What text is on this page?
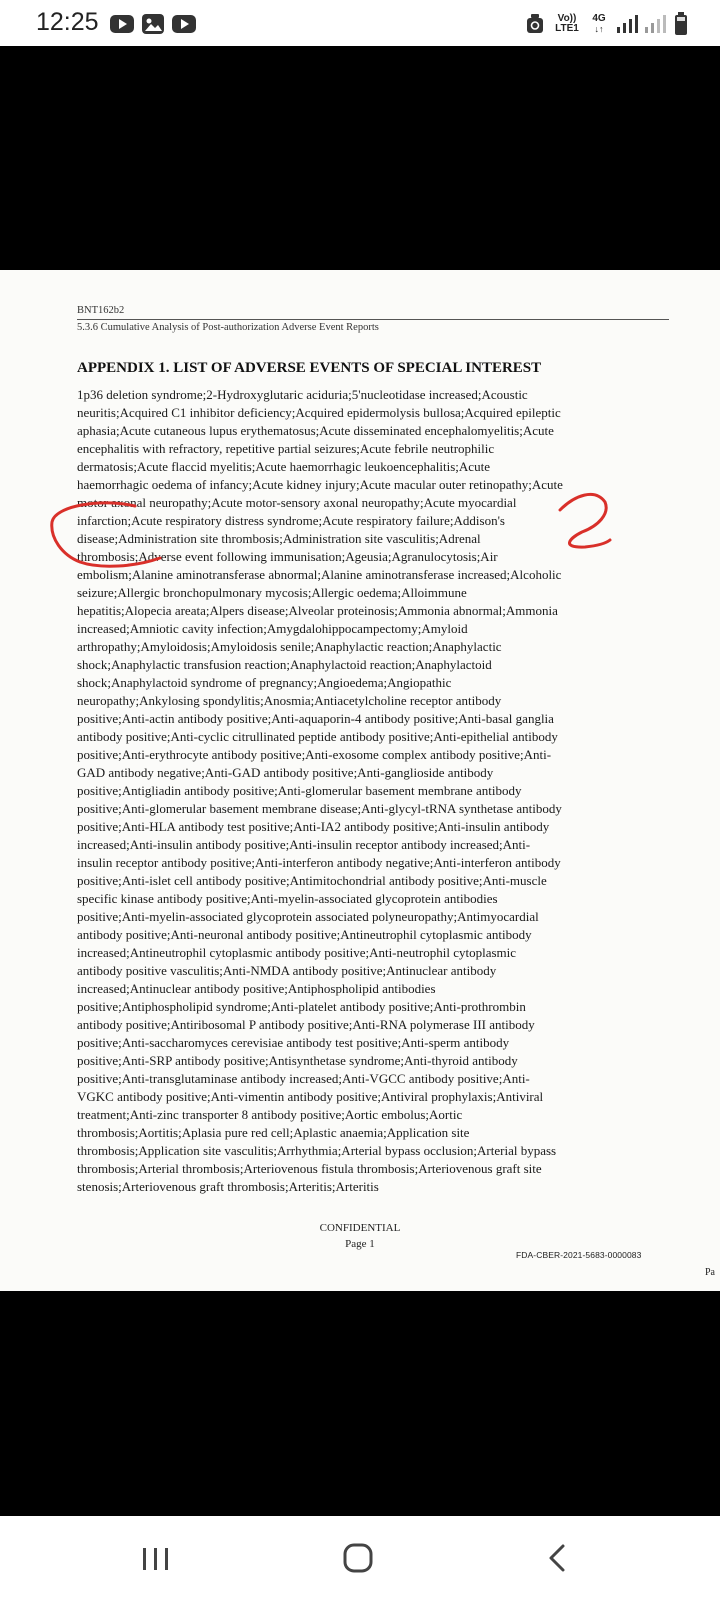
12:25	Vo))
LTE1
4G
↓↑
BNT162b2
5.3.6 Cumulative Analysis of Post-authorization Adverse Event Reports
APPENDIX 1. LIST OF ADVERSE EVENTS OF SPECIAL INTEREST
1p36 deletion syndrome;2-Hydroxyglutaric aciduria;5'nucleotidase increased;Acoustic
neuritis;Acquired C1 inhibitor deficiency;Acquired epidermolysis bullosa;Acquired epileptic
aphasia;Acute cutaneous lupus erythematosus;Acute disseminated encephalomyelitis;Acute
encephalitis with refractory, repetitive partial seizures;Acute febrile neutrophilic
dermatosis;Acute flaccid myelitis;Acute haemorrhagic leukoencephalitis;Acute
haemorrhagic oedema of infancy;Acute kidney injury;Acute macular outer retinopathy;Acute
motor axonal neuropathy;Acute motor-sensory axonal neuropathy;Acute myocardial
infarction;Acute respiratory distress syndrome;Acute respiratory failure;Addison's
disease;Administration site thrombosis;Administration site vasculitis;Adrenal
thrombosis;Adverse event following immunisation;Ageusia;Agranulocytosis;Air
embolism;Alanine aminotransferase abnormal;Alanine aminotransferase increased;Alcoholic
seizure;Allergic bronchopulmonary mycosis;Allergic oedema;Alloimmune
hepatitis;Alopecia areata;Alpers disease;Alveolar proteinosis;Ammonia abnormal;Ammonia
increased;Amniotic cavity infection;Amygdalohippocampectomy;Amyloid
arthropathy;Amyloidosis;Amyloidosis senile;Anaphylactic reaction;Anaphylactic
shock;Anaphylactic transfusion reaction;Anaphylactoid reaction;Anaphylactoid
shock;Anaphylactoid syndrome of pregnancy;Angioedema;Angiopathic
neuropathy;Ankylosing spondylitis;Anosmia;Antiacetylcholine receptor antibody
positive;Anti-actin antibody positive;Anti-aquaporin-4 antibody positive;Anti-basal ganglia
antibody positive;Anti-cyclic citrullinated peptide antibody positive;Anti-epithelial antibody
positive;Anti-erythrocyte antibody positive;Anti-exosome complex antibody positive;Anti-
GAD antibody negative;Anti-GAD antibody positive;Anti-ganglioside antibody
positive;Antigliadin antibody positive;Anti-glomerular basement membrane antibody
positive;Anti-glomerular basement membrane disease;Anti-glycyl-tRNA synthetase antibody
positive;Anti-HLA antibody test positive;Anti-IA2 antibody positive;Anti-insulin antibody
increased;Anti-insulin antibody positive;Anti-insulin receptor antibody increased;Anti-
insulin receptor antibody positive;Anti-interferon antibody negative;Anti-interferon antibody
positive;Anti-islet cell antibody positive;Antimitochondrial antibody positive;Anti-muscle
specific kinase antibody positive;Anti-myelin-associated glycoprotein antibodies
positive;Anti-myelin-associated glycoprotein associated polyneuropathy;Antimyocardial
antibody positive;Anti-neuronal antibody positive;Antineutrophil cytoplasmic antibody
increased;Antineutrophil cytoplasmic antibody positive;Anti-neutrophil cytoplasmic
antibody positive vasculitis;Anti-NMDA antibody positive;Antinuclear antibody
increased;Antinuclear antibody positive;Antiphospholipid antibodies
positive;Antiphospholipid syndrome;Anti-platelet antibody positive;Anti-prothrombin
antibody positive;Antiribosomal P antibody positive;Anti-RNA polymerase III antibody
positive;Anti-saccharomyces cerevisiae antibody test positive;Anti-sperm antibody
positive;Anti-SRP antibody positive;Antisynthetase syndrome;Anti-thyroid antibody
positive;Anti-transglutaminase antibody increased;Anti-VGCC antibody positive;Anti-
VGKC antibody positive;Anti-vimentin antibody positive;Antiviral prophylaxis;Antiviral
treatment;Anti-zinc transporter 8 antibody positive;Aortic embolus;Aortic
thrombosis;Aortitis;Aplasia pure red cell;Aplastic anaemia;Application site
thrombosis;Application site vasculitis;Arrhythmia;Arterial bypass occlusion;Arterial bypass
thrombosis;Arterial thrombosis;Arteriovenous fistula thrombosis;Arteriovenous graft site
stenosis;Arteriovenous graft thrombosis;Arteritis;Arteritis
CONFIDENTIAL
Page 1
FDA-CBER-2021-5683-0000083
Pa
